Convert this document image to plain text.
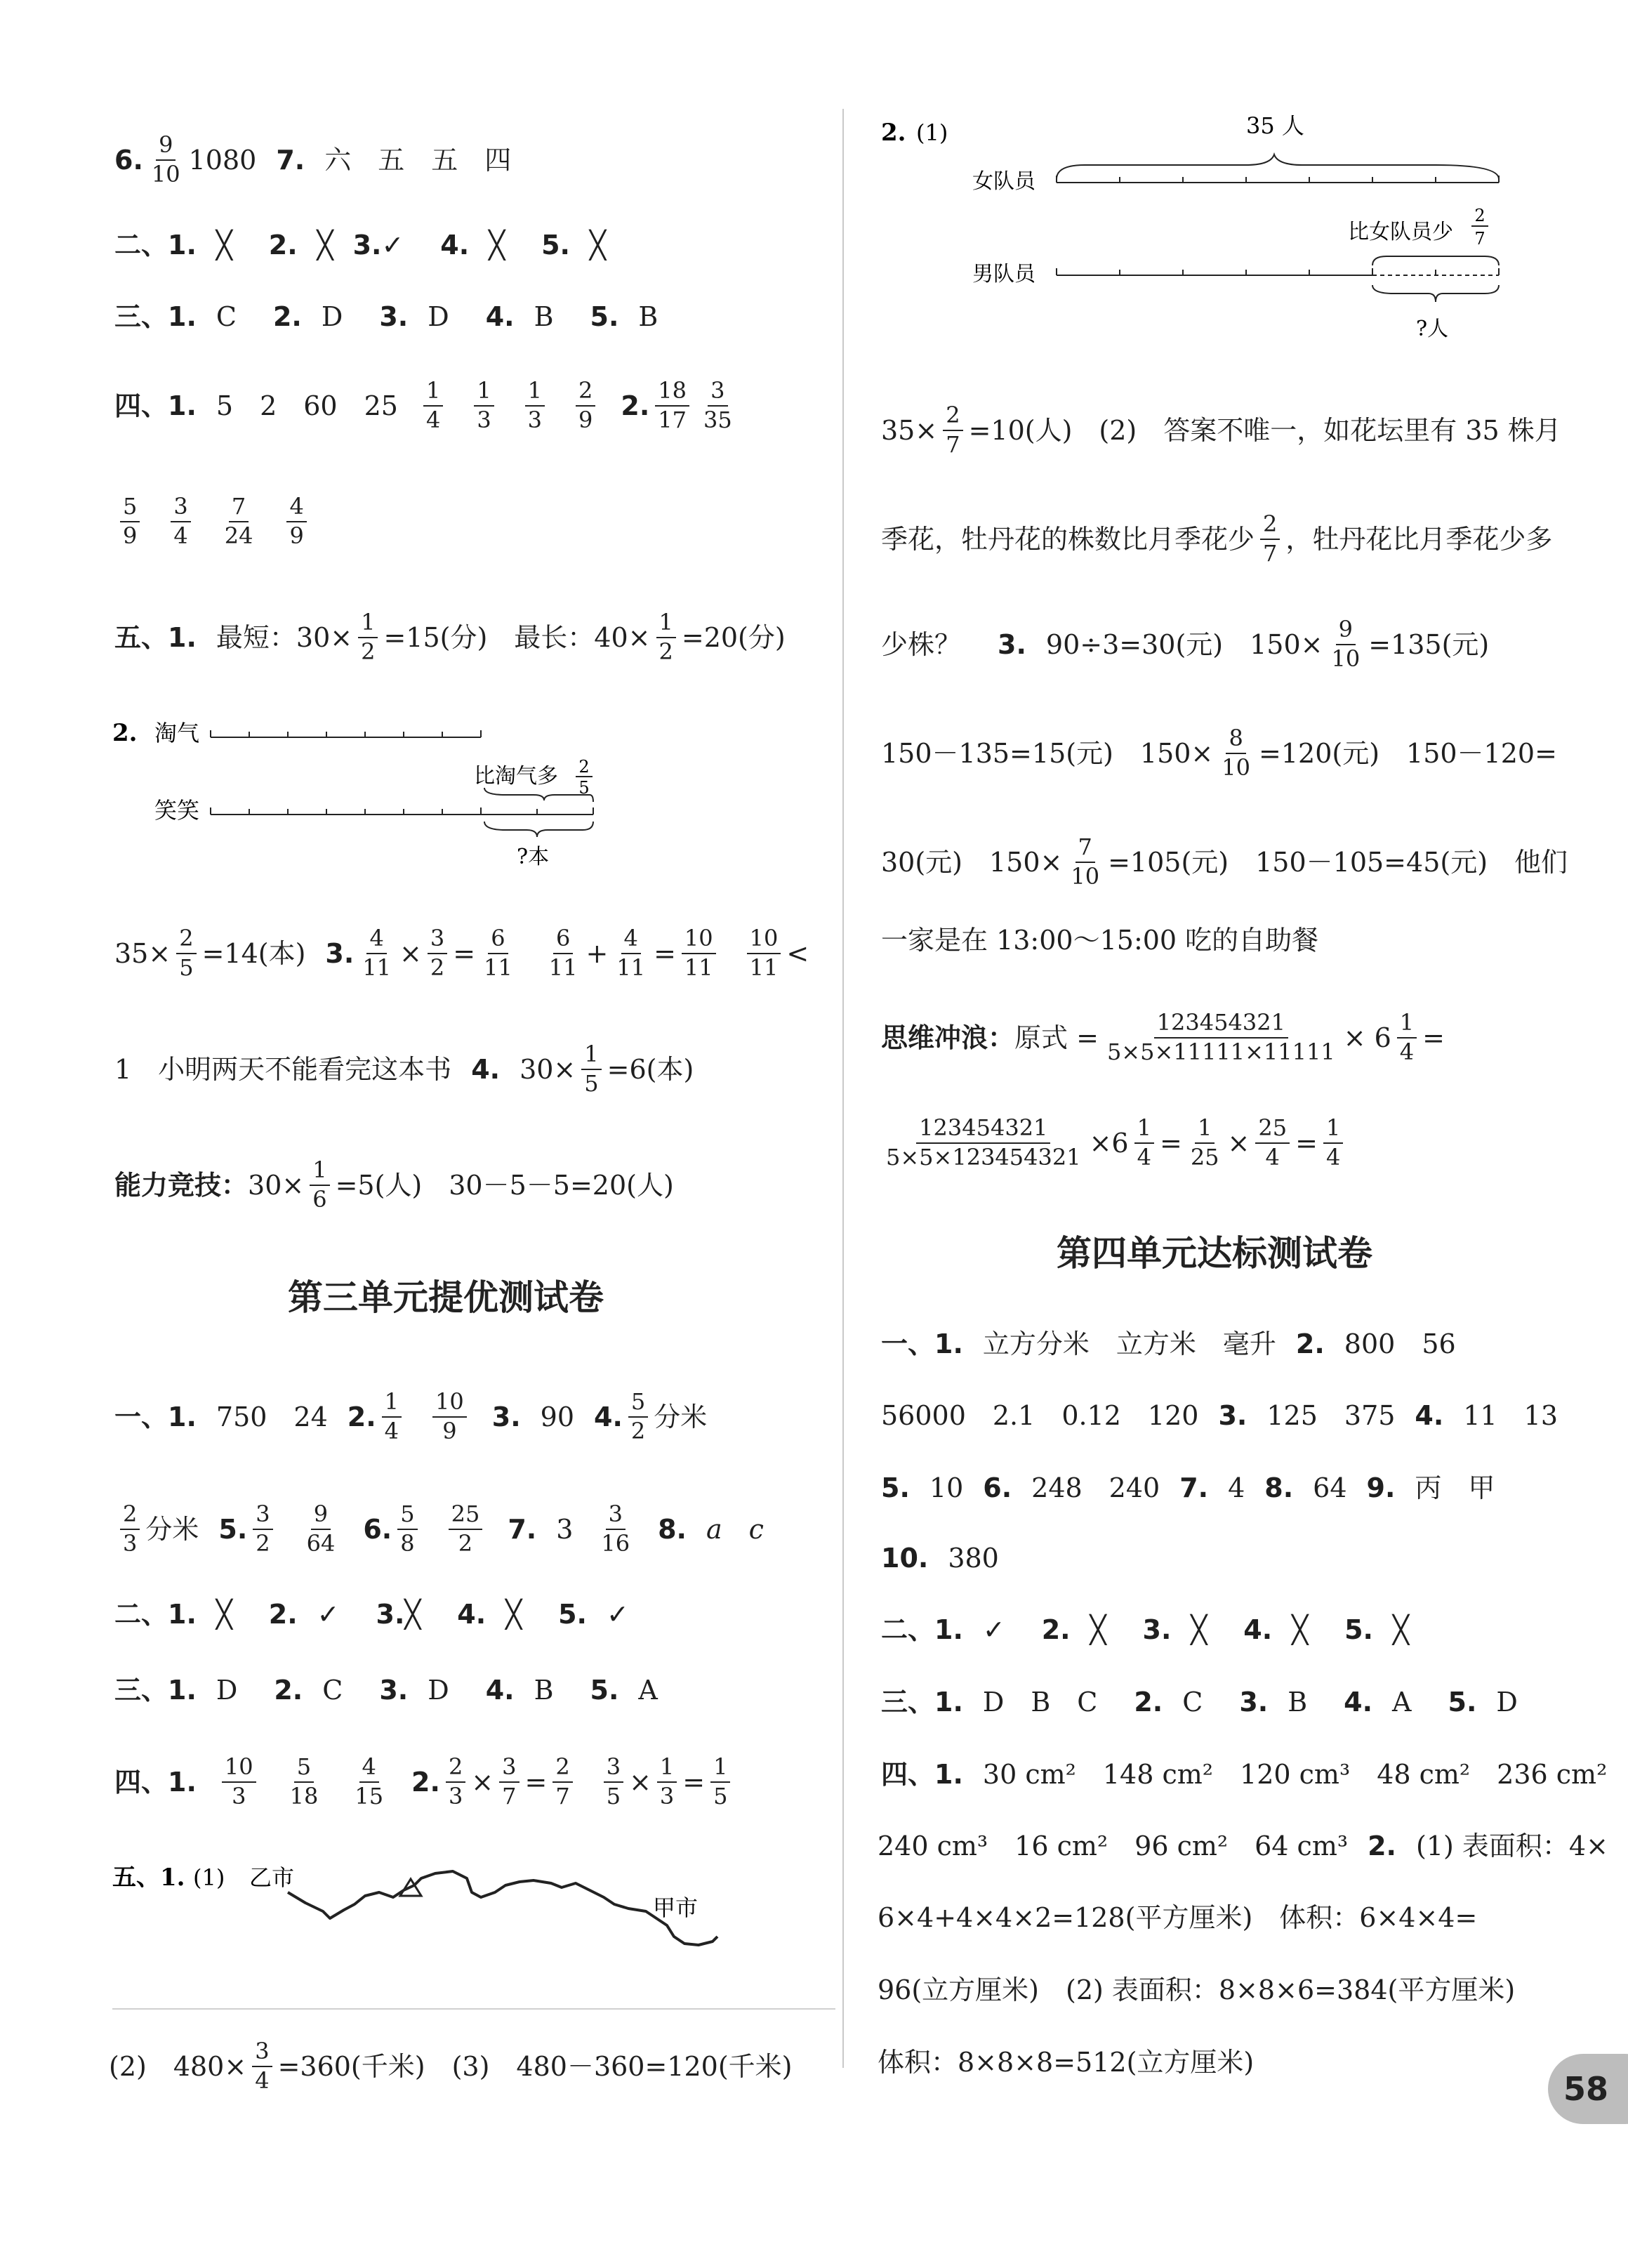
6. $\frac{9}{10} 1080$ 7. 六　五　五　四
二、1. ╳ 2. ╳ 3. ✓ 4. ╳ 5. ╳
三、1. C 2. D 3. D 4. B 5. B
四、1. 5　2　60　$25 \frac{1}{4} \frac{1}{3} \frac{1}{3} \frac{2}{9} 2$. $\frac{18}{17} \frac{3}{35}$
$\frac{5}{9} \frac{3}{4} \frac{7}{24} \frac{4}{9}$
五、1. 最短：$30\times \frac{1}{2} =15$(分)　最长：$40\times \frac{1}{2} =20$(分)
2. 淘气
比淘气多 2
5
笑笑
?本
$35\times \frac{2}{5} =14$(本) 3. $\frac{4}{11} \times \frac{3}{2} = \frac{6}{11} \frac{6}{11} + \frac{4}{11} = \frac{10}{11} \frac{10}{11}$ <
1　小明两天不能看完这本书 4. $30\times \frac{1}{5} =6$(本)
能力竞技： $30\times \frac{1}{6} =5$(人)　30－5－5=20(人)
第三单元提优测试卷
一、1. 750　24 2. $\frac{1}{4} \frac{10}{9} 3$. 90 4. $\frac{5}{2}$ 分米
$\frac{2}{3}$ 分米 5. $\frac{3}{2} \frac{9}{64} 6$. $\frac{5}{8} \frac{25}{2} 7$. $3 \frac{3}{16} 8$. a　c
二、1. ╳ 2. ✓ 3. ╳ 4. ╳ 5. ✓
三、1. D 2. C 3. D 4. B 5. A
四、1. $\frac{10}{3} \frac{5}{18} \frac{4}{15} 2$. $\frac{2}{3} \times \frac{3}{7} = \frac{2}{7} \frac{3}{5} \times \frac{1}{3} = \frac{1}{5}$
五、1. (1) 乙市
甲市
(2)　$480\times \frac{3}{4} =360$(千米)　(3)　480－360=120(千米)
2. (1)	35 人
女队员
比女队员少
2
7
男队员
?人
$35\times \frac{2}{7} =10$(人)　(2)　答案不唯一，如花坛里有 35 株月
季花，牡丹花的株数比月季花少 $\frac{2}{7}$ ，牡丹花比月季花少多
少株？ 3. 90÷3=30(元)　$150\times \frac{9}{10} =135$(元)
150－135=15(元)　$150\times \frac{8}{10} =120$(元)　150－120=
30(元)　$150\times \frac{7}{10} =105$(元)　150－105=45(元)　他们
一家是在 13:00～15:00 吃的自助餐
思维冲浪： 原式 = $\frac{123454321}{5\times 5\times 11111\times 11111} \times 6 \frac{1}{4}$ =
$\frac{123454321}{5\times 5\times 123454321} \times 6 \frac{1}{4} = \frac{1}{25} \times \frac{25}{4} = \frac{1}{4}$
第四单元达标测试卷
一、1. 立方分米　立方米　毫升 2. 800　56
56000　2.1　0.12　120 3. 125　375 4. 11　13
5. 10 6. 248　240 7. 4 8. 64 9. 丙　甲
10. 380
二、1. ✓ 2. ╳ 3. ╳ 4. ╳ 5. ╳
三、1. D　B　C 2. C 3. B 4. A 5. D
四、1. 30 cm²　148 cm²　120 cm³　48 cm²　236 cm²
240 cm³　16 cm²　96 cm²　64 cm³ 2. (1) 表面积：4×
6×4+4×4×2=128(平方厘米)　体积：6×4×4=
96(立方厘米)　(2) 表面积：8×8×6=384(平方厘米)
体积：8×8×8=512(立方厘米)
58
